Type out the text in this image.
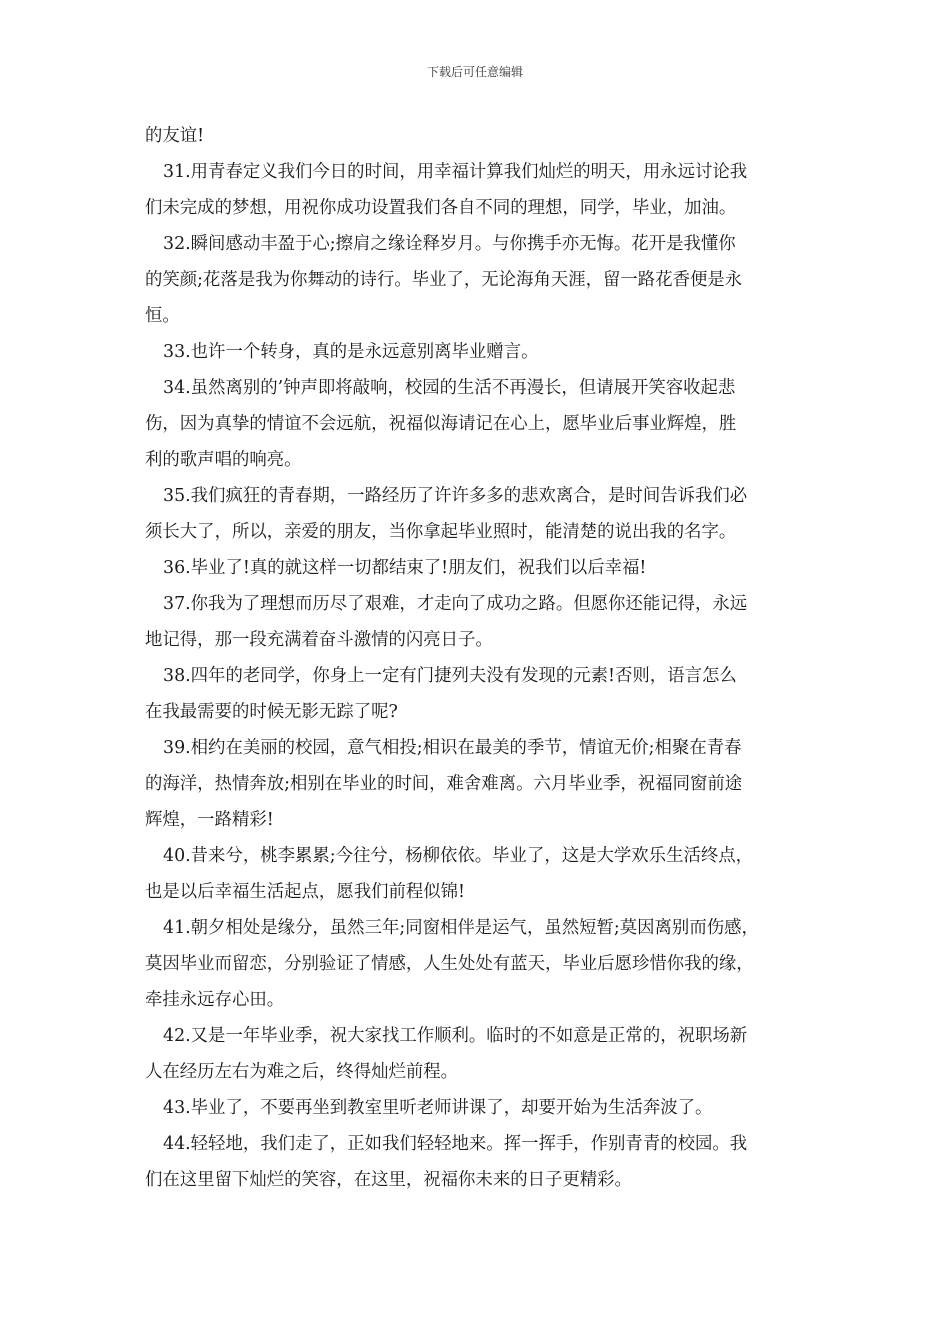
下载后可任意编辑

的友谊!

31.用青春定义我们今日的时间，用幸福计算我们灿烂的明天，用永远讨论我
们未完成的梦想，用祝你成功设置我们各自不同的理想，同学，毕业，加油。

32.瞬间感动丰盈于心;擦肩之缘诠释岁月。与你携手亦无悔。花开是我懂你
的笑颜;花落是我为你舞动的诗行。毕业了，无论海角天涯，留一路花香便是永
恒。

33.也许一个转身，真的是永远意别离毕业赠言。

34.虽然离别的’钟声即将敲响，校园的生活不再漫长，但请展开笑容收起悲
伤，因为真挚的情谊不会远航，祝福似海请记在心上，愿毕业后事业辉煌，胜
利的歌声唱的响亮。

35.我们疯狂的青春期，一路经历了许许多多的悲欢离合，是时间告诉我们必
须长大了，所以，亲爱的朋友，当你拿起毕业照时，能清楚的说出我的名字。

36.毕业了!真的就这样一切都结束了!朋友们，祝我们以后幸福!

37.你我为了理想而历尽了艰难，才走向了成功之路。但愿你还能记得，永远
地记得，那一段充满着奋斗激情的闪亮日子。

38.四年的老同学，你身上一定有门捷列夫没有发现的元素!否则，语言怎么
在我最需要的时候无影无踪了呢?

39.相约在美丽的校园，意气相投;相识在最美的季节，情谊无价;相聚在青春
的海洋，热情奔放;相别在毕业的时间，难舍难离。六月毕业季，祝福同窗前途
辉煌，一路精彩!

40.昔来兮，桃李累累;今往兮，杨柳依依。毕业了，这是大学欢乐生活终点，
也是以后幸福生活起点，愿我们前程似锦!

41.朝夕相处是缘分，虽然三年;同窗相伴是运气，虽然短暂;莫因离别而伤感，
莫因毕业而留恋，分别验证了情感，人生处处有蓝天，毕业后愿珍惜你我的缘，
牵挂永远存心田。

42.又是一年毕业季，祝大家找工作顺利。临时的不如意是正常的，祝职场新
人在经历左右为难之后，终得灿烂前程。

43.毕业了，不要再坐到教室里听老师讲课了，却要开始为生活奔波了。

44.轻轻地，我们走了，正如我们轻轻地来。挥一挥手，作别青青的校园。我
们在这里留下灿烂的笑容，在这里，祝福你未来的日子更精彩。
